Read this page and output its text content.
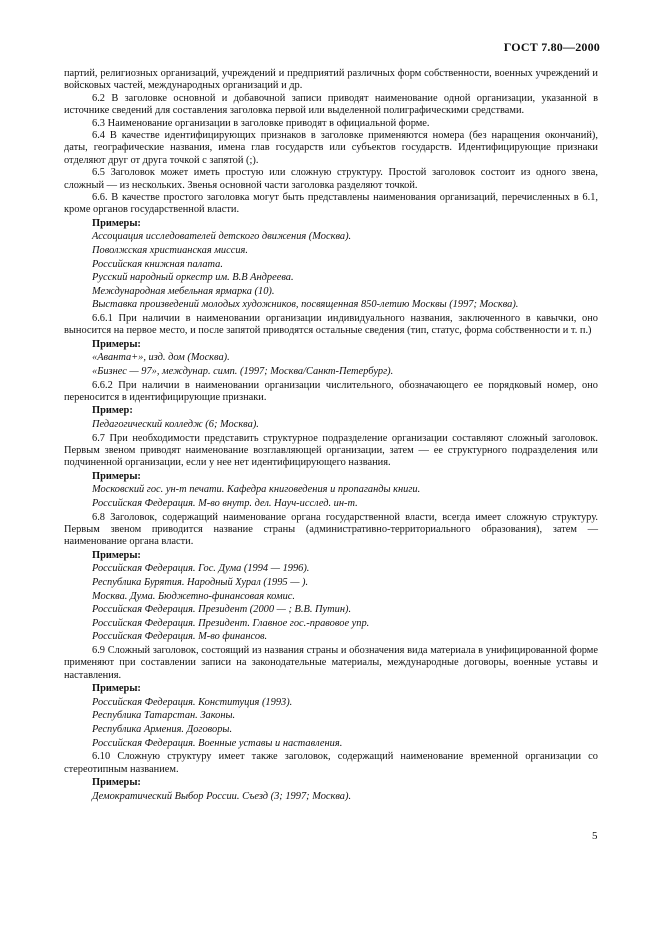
ГОСТ 7.80—2000
партий, религиозных организаций, учреждений и предприятий различных форм собственности, военных учреждений и войсковых частей, международных организаций и др.
6.2 В заголовке основной и добавочной записи приводят наименование одной организации, указанной в источнике сведений для составления заголовка первой или выделенной полиграфическими средствами.
6.3 Наименование организации в заголовке приводят в официальной форме.
6.4 В качестве идентифицирующих признаков в заголовке применяются номера (без наращения окончаний), даты, географические названия, имена глав государств или субъектов государств. Идентифицирующие признаки отделяют друг от друга точкой с запятой (;).
6.5 Заголовок может иметь простую или сложную структуру. Простой заголовок состоит из одного звена, сложный — из нескольких. Звенья основной части заголовка разделяют точкой.
6.6. В качестве простого заголовка могут быть представлены наименования организаций, перечисленных в 6.1, кроме органов государственной власти.
Примеры:
Ассоциация исследователей детского движения (Москва).
Поволжская христианская миссия.
Российская книжная палата.
Русский народный оркестр им. В.В Андреева.
Международная мебельная ярмарка (10).
Выставка произведений молодых художников, посвященная 850-летию Москвы (1997; Москва).
6.6.1 При наличии в наименовании организации индивидуального названия, заключенного в кавычки, оно выносится на первое место, и после запятой приводятся остальные сведения (тип, статус, форма собственности и т. п.)
Примеры:
«Аванта+», изд. дом (Москва).
«Бизнес — 97», междунар. симп. (1997; Москва/Санкт-Петербург).
6.6.2 При наличии в наименовании организации числительного, обозначающего ее порядковый номер, оно переносится в идентифицирующие признаки.
Пример:
Педагогический колледж (6; Москва).
6.7 При необходимости представить структурное подразделение организации составляют сложный заголовок. Первым звеном приводят наименование возглавляющей организации, затем — ее структурного подразделения или подчиненной организации, если у нее нет идентифицирующего названия.
Примеры:
Московский гос. ун-т печати. Кафедра книговедения и пропаганды книги.
Российская Федерация. М-во внутр. дел. Науч-исслед. ин-т.
6.8 Заголовок, содержащий наименование органа государственной власти, всегда имеет сложную структуру. Первым звеном приводится название страны (административно-территориального образования), затем — наименование органа власти.
Примеры:
Российская Федерация. Гос. Дума (1994 — 1996).
Республика Бурятия. Народный Хурал (1995 — ).
Москва. Дума. Бюджетно-финансовая комис.
Российская Федерация. Президент (2000 — ; В.В. Путин).
Российская Федерация. Президент. Главное гос.-правовое упр.
Российская Федерация. М-во финансов.
6.9 Сложный заголовок, состоящий из названия страны и обозначения вида материала в унифицированной форме применяют при составлении записи на законодательные материалы, международные договоры, военные уставы и наставления.
Примеры:
Российская Федерация. Конституция (1993).
Республика Татарстан. Законы.
Республика Армения. Договоры.
Российская Федерация. Военные уставы и наставления.
6.10 Сложную структуру имеет также заголовок, содержащий наименование временной организации со стереотипным названием.
Примеры:
Демократический Выбор России. Съезд (3; 1997; Москва).
5
